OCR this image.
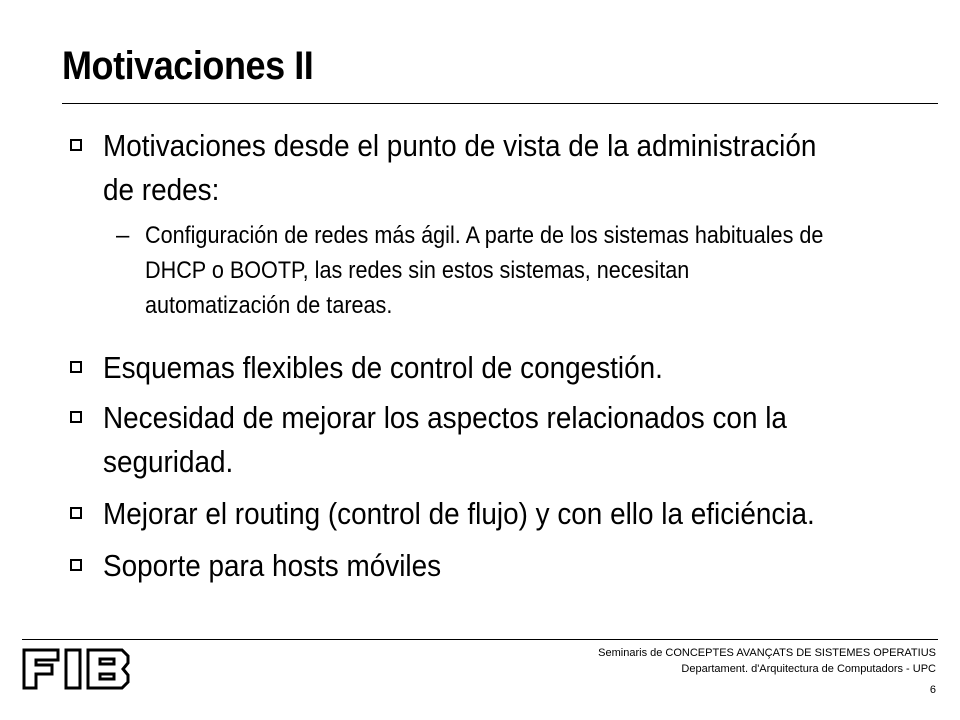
Motivaciones II
Motivaciones desde el punto de vista de la administración de redes:
– Configuración de redes más ágil. A parte de los sistemas habituales de DHCP o BOOTP, las redes sin estos sistemas, necesitan automatización de tareas.
Esquemas flexibles de control de congestión.
Necesidad de mejorar los aspectos relacionados con la seguridad.
Mejorar el routing (control de flujo) y con ello la eficiéncia.
Soporte para hosts móviles
Seminaris de CONCEPTES AVANÇATS DE SISTEMES OPERATIUS
Departament. d'Arquitectura de Computadors - UPC
6
